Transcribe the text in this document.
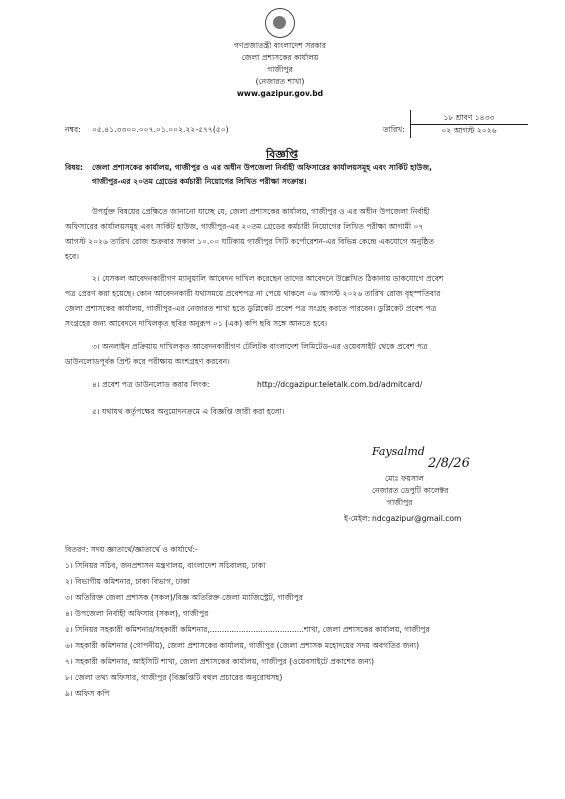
গণপ্রজাতন্ত্রী বাংলাদেশ সরকার
জেলা প্রশাসকের কার্যালয়
গাজীপুর
(নেজারত শাখা)
www.gazipur.gov.bd
নম্বর: ০৫.৪১.৩৩০০.০০৭.০১.০০২.২২-৫৭৭(৫০)	তারিখ:
১৮ শ্রাবণ ১৪৩৩
০২ আগস্ট ২০২৬
বিজ্ঞপ্তি
বিষয়: জেলা প্রশাসকের কার্যালয়, গাজীপুর ও এর অধীন উপজেলা নির্বাহী অফিসারের কার্যালয়সমূহ এবং সার্কিট হাউজ,
গাজীপুর-এর ২০তম গ্রেডের কর্মচারী নিয়োগের লিখিত পরীক্ষা সংক্রান্ত।
উপর্যুক্ত বিষয়ের প্রেক্ষিতে জানানো যাচ্ছে যে, জেলা প্রশাসকের কার্যালয়, গাজীপুর ও এর অধীন উপজেলা নির্বাহী
অফিসারের কার্যালয়সমূহ এবং সার্কিট হাউজ, গাজীপুর-এর ২০তম গ্রেডের কর্মচারী নিয়োগের লিখিত পরীক্ষা আগামী ০৭
আগস্ট ২০২৬ তারিখ রোজ শুক্রবার সকাল ১০.০০ ঘটিকায় গাজীপুর সিটি কর্পোরেশন-এর বিভিন্ন কেন্দ্রে একযোগে অনুষ্ঠিত
হবে।
২। যেসকল আবেদনকারীগণ ম্যানুয়ালি আবেদন দাখিল করেছেন তাদের আবেদনে উল্লেখিত ঠিকানায় ডাকযোগে প্রবেশ
পত্র প্রেরণ করা হয়েছে। কোন আবেদনকারী যথাসময়ে প্রবেশপত্র না পেয়ে থাকলে ০৬ আগস্ট ২০২৬ তারিখ রোজ বৃহস্পতিবার
জেলা প্রশাসকের কার্যালয়, গাজীপুর-এর নেজারত শাখা হতে ডুপ্লিকেট প্রবেশ পত্র সংগ্রহ করতে পারবেন। ডুপ্লিকেট প্রবেশ পত্র
সংগ্রহের জন্য আবেদনে দাখিলকৃত ছবির অনুরূপ ০১ (এক) কপি ছবি সঙ্গে আনতে হবে।
৩। অনলাইন প্রক্রিয়ায় দাখিলকৃত আবেদনকারীগণ টেলিটক বাংলাদেশ লিমিটেড-এর ওয়েবসাইট থেকে প্রবেশ পত্র
ডাউনলোডপূর্বক প্রিন্ট করে পরীক্ষায় অংশগ্রহণ করবেন।
৪। প্রবেশ পত্র ডাউনলোড করার লিংক:	http://dcgazipur.teletalk.com.bd/admitcard/
৫। যথাযথ কর্তৃপক্ষের অনুমোদনক্রমে এ বিজ্ঞপ্তি জারী করা হলো।
Faysalmd
2/8/26
মোঃ ফয়সাল
নেজারত ডেপুটি কালেক্টর
গাজীপুর
ই-মেইল: ndcgazipur@gmail.com
বিতরণ: সদয় জ্ঞাতার্থে/জ্ঞাতার্থে ও কার্যার্থে:-
১। সিনিয়র সচিব, জনপ্রশাসন মন্ত্রণালয়, বাংলাদেশ সচিবালয়, ঢাকা
২। বিভাগীয় কমিশনার, ঢাকা বিভাগ, ঢাকা
৩। অতিরিক্ত জেলা প্রশাসক (সকল)/বিজ্ঞ অতিরিক্ত জেলা ম্যাজিস্ট্রেট, গাজীপুর
৪। উপজেলা নির্বাহী অফিসার (সকল), গাজীপুর
৫। সিনিয়র সহকারী কমিশনার/সহকারী কমিশনার,.......................................শাখা, জেলা প্রশাসকের কার্যালয়, গাজীপুর
৬। সহকারী কমিশনার (গোপনীয়), জেলা প্রশাসকের কার্যালয়, গাজীপুর (জেলা প্রশাসক মহোদয়ের সদয় অবগতির জন্য)
৭। সহকারী কমিশনার, আইসিটি শাখা, জেলা প্রশাসকের কার্যালয়, গাজীপুর (ওয়েবসাইটে প্রকাশের জন্য)
৮। জেলা তথ্য অফিসার, গাজীপুর (বিজ্ঞপ্তিটি বহুল প্রচারের অনুরোধসহ)
৯। অফিস কপি
